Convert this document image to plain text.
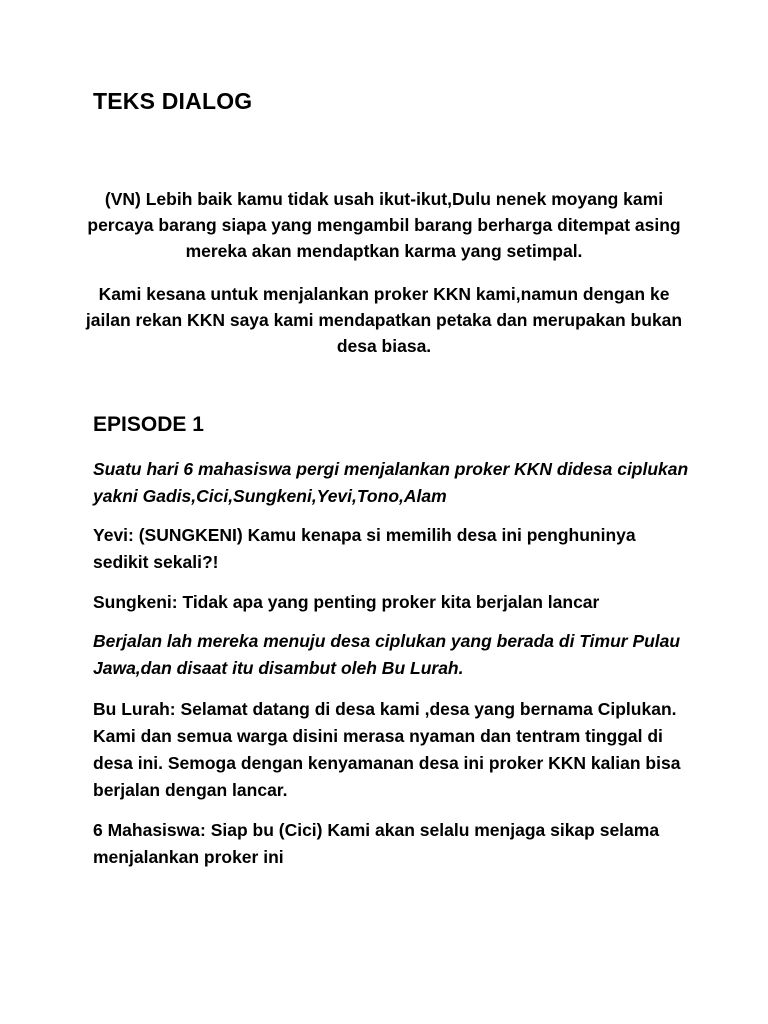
TEKS DIALOG

(VN) Lebih baik kamu tidak usah ikut-ikut,Dulu nenek moyang kami percaya barang siapa yang mengambil barang berharga ditempat asing mereka akan mendaptkan karma yang setimpal.

Kami kesana untuk menjalankan proker KKN kami,namun dengan ke jailan rekan KKN saya kami mendapatkan petaka dan merupakan bukan desa biasa.

EPISODE 1

Suatu hari 6 mahasiswa pergi menjalankan proker KKN didesa ciplukan yakni Gadis,Cici,Sungkeni,Yevi,Tono,Alam

Yevi: (SUNGKENI) Kamu kenapa si memilih desa ini penghuninya sedikit sekali?!

Sungkeni: Tidak apa yang penting proker kita berjalan lancar

Berjalan lah mereka menuju desa ciplukan yang berada di Timur Pulau Jawa,dan disaat itu disambut oleh Bu Lurah.

Bu Lurah: Selamat datang di desa kami ,desa yang bernama Ciplukan. Kami dan semua warga disini merasa nyaman dan tentram tinggal di desa ini. Semoga dengan kenyamanan desa ini proker KKN kalian bisa berjalan dengan lancar.

6 Mahasiswa: Siap bu (Cici) Kami akan selalu menjaga sikap selama menjalankan proker ini
